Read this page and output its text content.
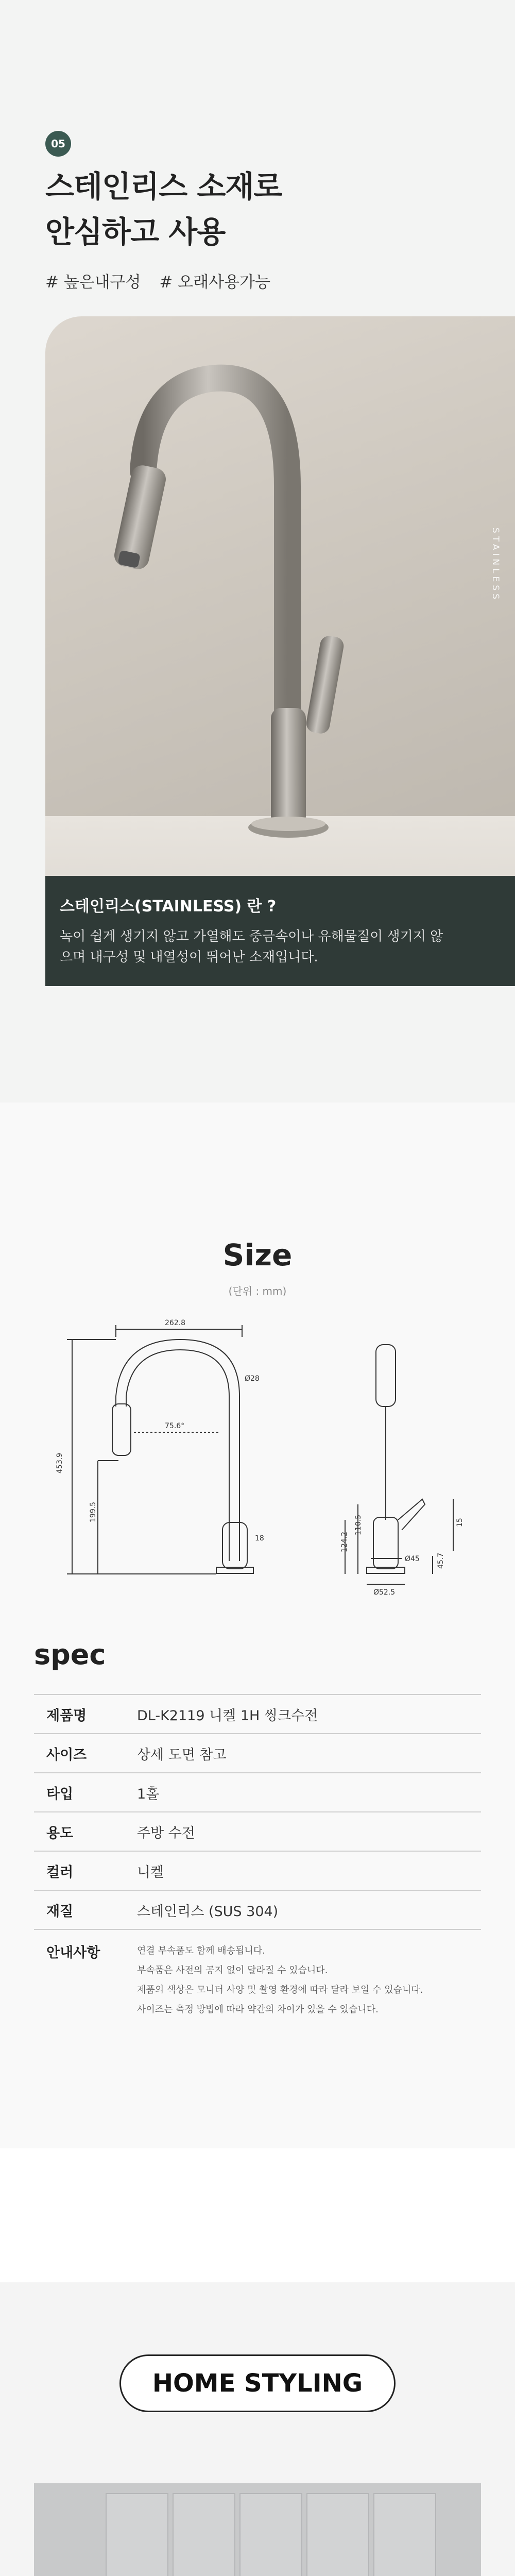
05
스테인리스 소재로
안심하고 사용
# 높은내구성 # 오래사용가능
STAINLESS
스테인리스(STAINLESS) 란 ?

녹이 쉽게 생기지 않고 가열해도 중금속이나 유해물질이 생기지 않

으며 내구성 및 내열성이 뛰어난 소재입니다.

Size
(단위 : mm)
262.8
453.9
Ø28
75.6°
199.5
18	124.2
110.5	15
Ø45 45.7
Ø52.5
spec
제품명	DL-K2119 니켈 1H 씽크수전
사이즈	상세 도면 참고
타입	1홀
용도	주방 수전
컬러	니켈
재질	스테인리스 (SUS 304)
안내사항	연결 부속품도 함께 배송됩니다.
부속품은 사전의 공지 없이 달라질 수 있습니다.
제품의 색상은 모니터 사양 및 촬영 환경에 따라 달라 보일 수 있습니다.
사이즈는 측정 방법에 따라 약간의 차이가 있을 수 있습니다.
HOME STYLING
